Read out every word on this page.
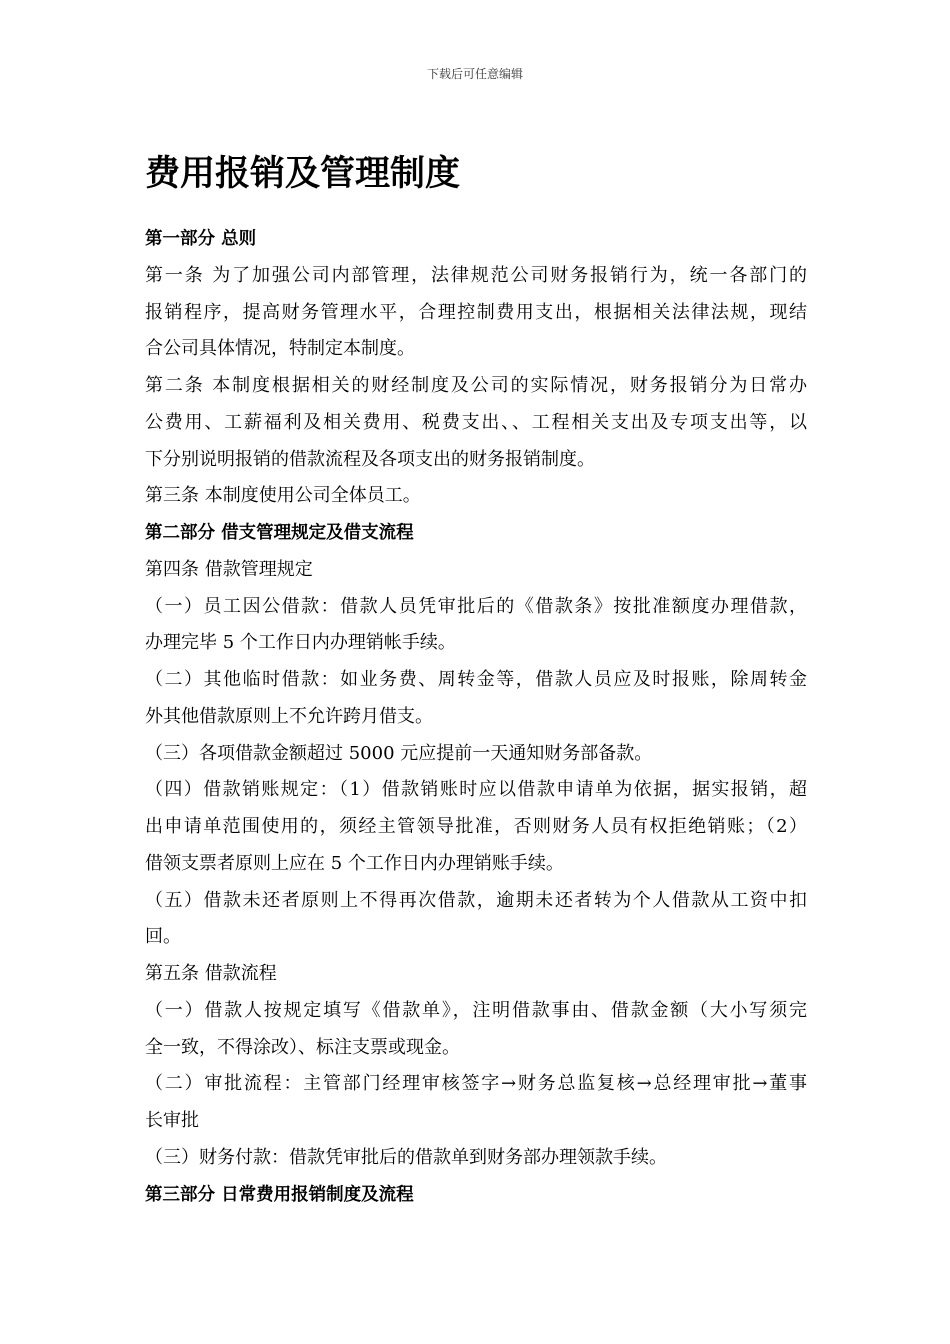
下载后可任意编辑
费用报销及管理制度
第一部分 总则
第一条 为了加强公司内部管理，法律规范公司财务报销行为，统一各部门的
报销程序，提高财务管理水平，合理控制费用支出，根据相关法律法规，现结
合公司具体情况，特制定本制度。
第二条 本制度根据相关的财经制度及公司的实际情况，财务报销分为日常办
公费用、工薪福利及相关费用、税费支出、、工程相关支出及专项支出等，以
下分别说明报销的借款流程及各项支出的财务报销制度。
第三条 本制度使用公司全体员工。
第二部分 借支管理规定及借支流程
第四条 借款管理规定
（一）员工因公借款：借款人员凭审批后的《借款条》按批准额度办理借款，
办理完毕 5 个工作日内办理销帐手续。
（二）其他临时借款：如业务费、周转金等，借款人员应及时报账，除周转金
外其他借款原则上不允许跨月借支。
（三）各项借款金额超过 5000 元应提前一天通知财务部备款。
（四）借款销账规定：（1）借款销账时应以借款申请单为依据，据实报销，超
出申请单范围使用的，须经主管领导批准，否则财务人员有权拒绝销账；（2）
借领支票者原则上应在 5 个工作日内办理销账手续。
（五）借款未还者原则上不得再次借款，逾期未还者转为个人借款从工资中扣
回。
第五条 借款流程
（一）借款人按规定填写《借款单》，注明借款事由、借款金额（大小写须完
全一致，不得涂改）、标注支票或现金。
（二）审批流程：主管部门经理审核签字→财务总监复核→总经理审批→董事
长审批
（三）财务付款：借款凭审批后的借款单到财务部办理领款手续。
第三部分 日常费用报销制度及流程
